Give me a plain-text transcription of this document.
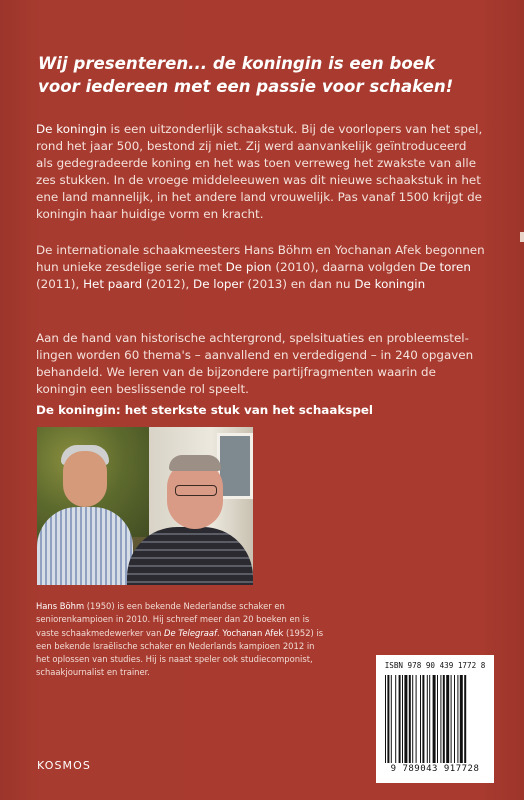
Wij presenteren... de koningin is een boek
voor iedereen met een passie voor schaken!
De koningin is een uitzonderlijk schaakstuk. Bij de voorlopers van het spel,
rond het jaar 500, bestond zij niet. Zij werd aanvankelijk geïntroduceerd
als gedegradeerde koning en het was toen verreweg het zwakste van alle
zes stukken. In de vroege middeleeuwen was dit nieuwe schaakstuk in het
ene land mannelijk, in het andere land vrouwelijk. Pas vanaf 1500 krijgt de
koningin haar huidige vorm en kracht.
De internationale schaakmeesters Hans Böhm en Yochanan Afek begonnen
hun unieke zesdelige serie met De pion (2010), daarna volgden De toren
(2011), Het paard (2012), De loper (2013) en dan nu De koningin
Aan de hand van historische achtergrond, spelsituaties en probleemstel-
lingen worden 60 thema's – aanvallend en verdedigend – in 240 opgaven
behandeld. We leren van de bijzondere partijfragmenten waarin de
koningin een beslissende rol speelt.
De koningin: het sterkste stuk van het schaakspel
Hans Böhm (1950) is een bekende Nederlandse schaker en
seniorenkampioen in 2010. Hij schreef meer dan 20 boeken en is
vaste schaakmedewerker van De Telegraaf. Yochanan Afek (1952) is
een bekende Israëlische schaker en Nederlands kampioen 2012 in
het oplossen van studies. Hij is naast speler ook studiecomponist,
schaakjournalist en trainer.
KOSMOS
ISBN 978 90 439 1772 8
9 789043 917728
